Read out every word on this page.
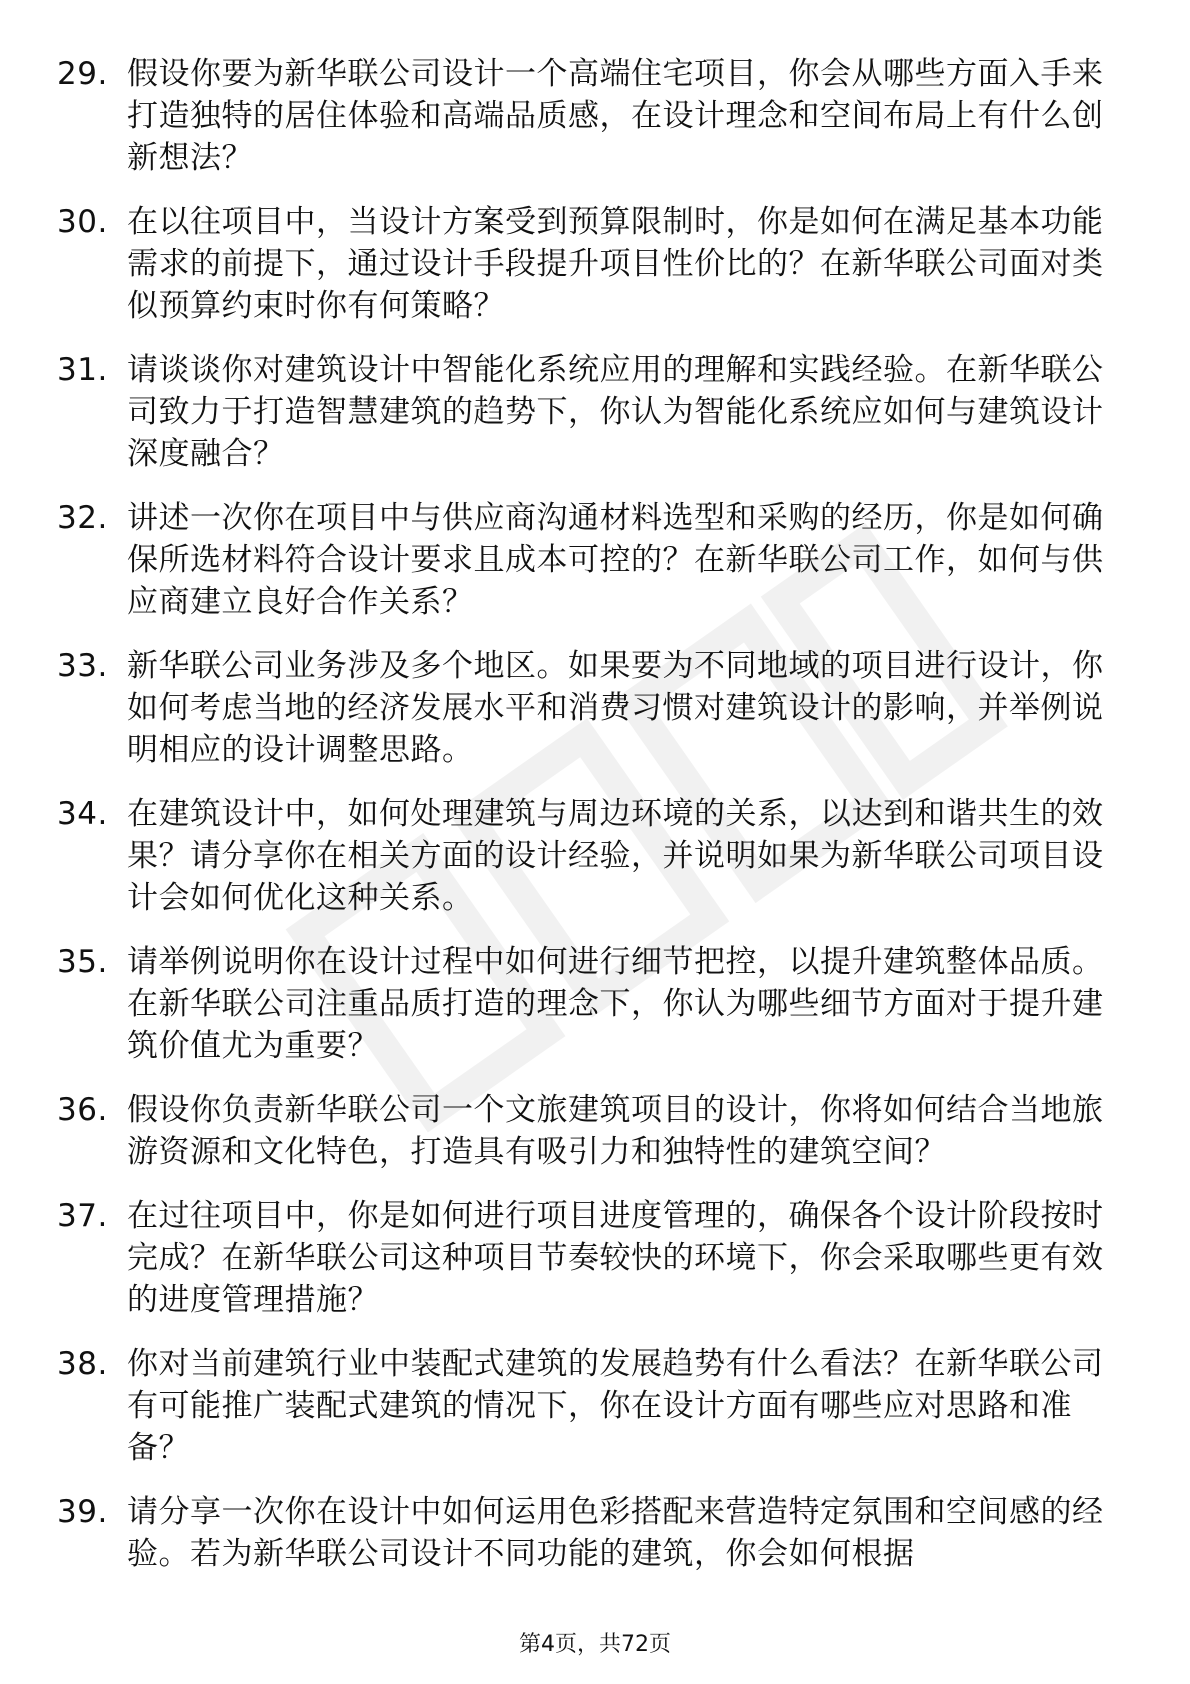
29. 假设你要为新华联公司设计一个高端住宅项目，你会从哪些方面入手来打造独特的居住体验和高端品质感，在设计理念和空间布局上有什么创新想法？
30. 在以往项目中，当设计方案受到预算限制时，你是如何在满足基本功能需求的前提下，通过设计手段提升项目性价比的？在新华联公司面对类似预算约束时你有何策略？
31. 请谈谈你对建筑设计中智能化系统应用的理解和实践经验。在新华联公司致力于打造智慧建筑的趋势下，你认为智能化系统应如何与建筑设计深度融合？
32. 讲述一次你在项目中与供应商沟通材料选型和采购的经历，你是如何确保所选材料符合设计要求且成本可控的？在新华联公司工作，如何与供应商建立良好合作关系？
33. 新华联公司业务涉及多个地区。如果要为不同地域的项目进行设计，你如何考虑当地的经济发展水平和消费习惯对建筑设计的影响，并举例说明相应的设计调整思路。
34. 在建筑设计中，如何处理建筑与周边环境的关系，以达到和谐共生的效果？请分享你在相关方面的设计经验，并说明如果为新华联公司项目设计会如何优化这种关系。
35. 请举例说明你在设计过程中如何进行细节把控，以提升建筑整体品质。在新华联公司注重品质打造的理念下，你认为哪些细节方面对于提升建筑价值尤为重要？
36. 假设你负责新华联公司一个文旅建筑项目的设计，你将如何结合当地旅游资源和文化特色，打造具有吸引力和独特性的建筑空间？
37. 在过往项目中，你是如何进行项目进度管理的，确保各个设计阶段按时完成？在新华联公司这种项目节奏较快的环境下，你会采取哪些更有效的进度管理措施？
38. 你对当前建筑行业中装配式建筑的发展趋势有什么看法？在新华联公司有可能推广装配式建筑的情况下，你在设计方面有哪些应对思路和准备？
39. 请分享一次你在设计中如何运用色彩搭配来营造特定氛围和空间感的经验。若为新华联公司设计不同功能的建筑，你会如何根据
第4页，共72页
